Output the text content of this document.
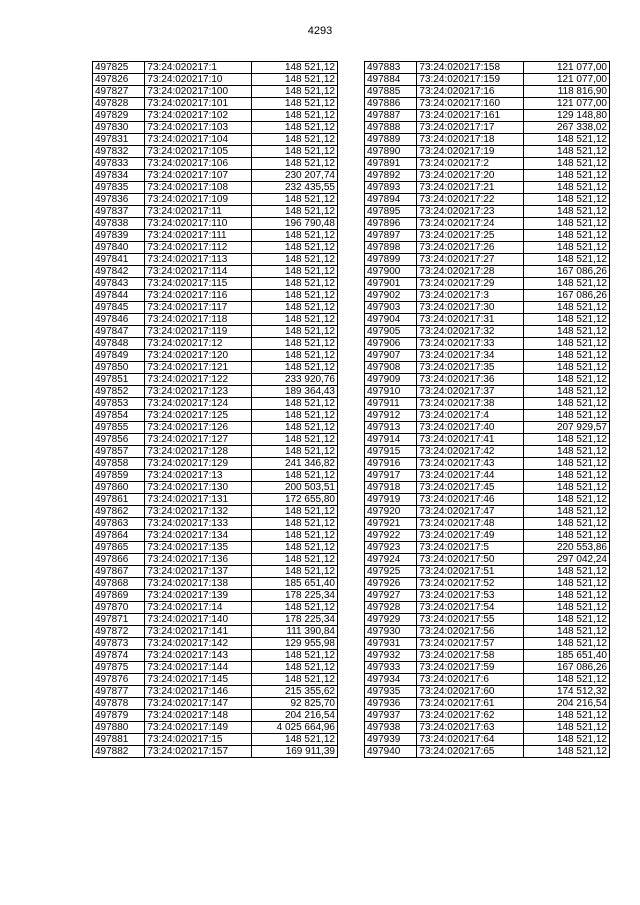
4293
497825	73:24:020217:1	148 521,12
497826	73:24:020217:10	148 521,12
497827	73:24:020217:100	148 521,12
497828	73:24:020217:101	148 521,12
497829	73:24:020217:102	148 521,12
497830	73:24:020217:103	148 521,12
497831	73:24:020217:104	148 521,12
497832	73:24:020217:105	148 521,12
497833	73:24:020217:106	148 521,12
497834	73:24:020217:107	230 207,74
497835	73:24:020217:108	232 435,55
497836	73:24:020217:109	148 521,12
497837	73:24:020217:11	148 521,12
497838	73:24:020217:110	196 790,48
497839	73:24:020217:111	148 521,12
497840	73:24:020217:112	148 521,12
497841	73:24:020217:113	148 521,12
497842	73:24:020217:114	148 521,12
497843	73:24:020217:115	148 521,12
497844	73:24:020217:116	148 521,12
497845	73:24:020217:117	148 521,12
497846	73:24:020217:118	148 521,12
497847	73:24:020217:119	148 521,12
497848	73:24:020217:12	148 521,12
497849	73:24:020217:120	148 521,12
497850	73:24:020217:121	148 521,12
497851	73:24:020217:122	233 920,76
497852	73:24:020217:123	189 364,43
497853	73:24:020217:124	148 521,12
497854	73:24:020217:125	148 521,12
497855	73:24:020217:126	148 521,12
497856	73:24:020217:127	148 521,12
497857	73:24:020217:128	148 521,12
497858	73:24:020217:129	241 346,82
497859	73:24:020217:13	148 521,12
497860	73:24:020217:130	200 503,51
497861	73:24:020217:131	172 655,80
497862	73:24:020217:132	148 521,12
497863	73:24:020217:133	148 521,12
497864	73:24:020217:134	148 521,12
497865	73:24:020217:135	148 521,12
497866	73:24:020217:136	148 521,12
497867	73:24:020217:137	148 521,12
497868	73:24:020217:138	185 651,40
497869	73:24:020217:139	178 225,34
497870	73:24:020217:14	148 521,12
497871	73:24:020217:140	178 225,34
497872	73:24:020217:141	111 390,84
497873	73:24:020217:142	129 955,98
497874	73:24:020217:143	148 521,12
497875	73:24:020217:144	148 521,12
497876	73:24:020217:145	148 521,12
497877	73:24:020217:146	215 355,62
497878	73:24:020217:147	92 825,70
497879	73:24:020217:148	204 216,54
497880	73:24:020217:149	4 025 664,96
497881	73:24:020217:15	148 521,12
497882	73:24:020217:157	169 911,39
497883	73:24:020217:158	121 077,00
497884	73:24:020217:159	121 077,00
497885	73:24:020217:16	118 816,90
497886	73:24:020217:160	121 077,00
497887	73:24:020217:161	129 148,80
497888	73:24:020217:17	267 338,02
497889	73:24:020217:18	148 521,12
497890	73:24:020217:19	148 521,12
497891	73:24:020217:2	148 521,12
497892	73:24:020217:20	148 521,12
497893	73:24:020217:21	148 521,12
497894	73:24:020217:22	148 521,12
497895	73:24:020217:23	148 521,12
497896	73:24:020217:24	148 521,12
497897	73:24:020217:25	148 521,12
497898	73:24:020217:26	148 521,12
497899	73:24:020217:27	148 521,12
497900	73:24:020217:28	167 086,26
497901	73:24:020217:29	148 521,12
497902	73:24:020217:3	167 086,26
497903	73:24:020217:30	148 521,12
497904	73:24:020217:31	148 521,12
497905	73:24:020217:32	148 521,12
497906	73:24:020217:33	148 521,12
497907	73:24:020217:34	148 521,12
497908	73:24:020217:35	148 521,12
497909	73:24:020217:36	148 521,12
497910	73:24:020217:37	148 521,12
497911	73:24:020217:38	148 521,12
497912	73:24:020217:4	148 521,12
497913	73:24:020217:40	207 929,57
497914	73:24:020217:41	148 521,12
497915	73:24:020217:42	148 521,12
497916	73:24:020217:43	148 521,12
497917	73:24:020217:44	148 521,12
497918	73:24:020217:45	148 521,12
497919	73:24:020217:46	148 521,12
497920	73:24:020217:47	148 521,12
497921	73:24:020217:48	148 521,12
497922	73:24:020217:49	148 521,12
497923	73:24:020217:5	220 553,86
497924	73:24:020217:50	297 042,24
497925	73:24:020217:51	148 521,12
497926	73:24:020217:52	148 521,12
497927	73:24:020217:53	148 521,12
497928	73:24:020217:54	148 521,12
497929	73:24:020217:55	148 521,12
497930	73:24:020217:56	148 521,12
497931	73:24:020217:57	148 521,12
497932	73:24:020217:58	185 651,40
497933	73:24:020217:59	167 086,26
497934	73:24:020217:6	148 521,12
497935	73:24:020217:60	174 512,32
497936	73:24:020217:61	204 216,54
497937	73:24:020217:62	148 521,12
497938	73:24:020217:63	148 521,12
497939	73:24:020217:64	148 521,12
497940	73:24:020217:65	148 521,12
